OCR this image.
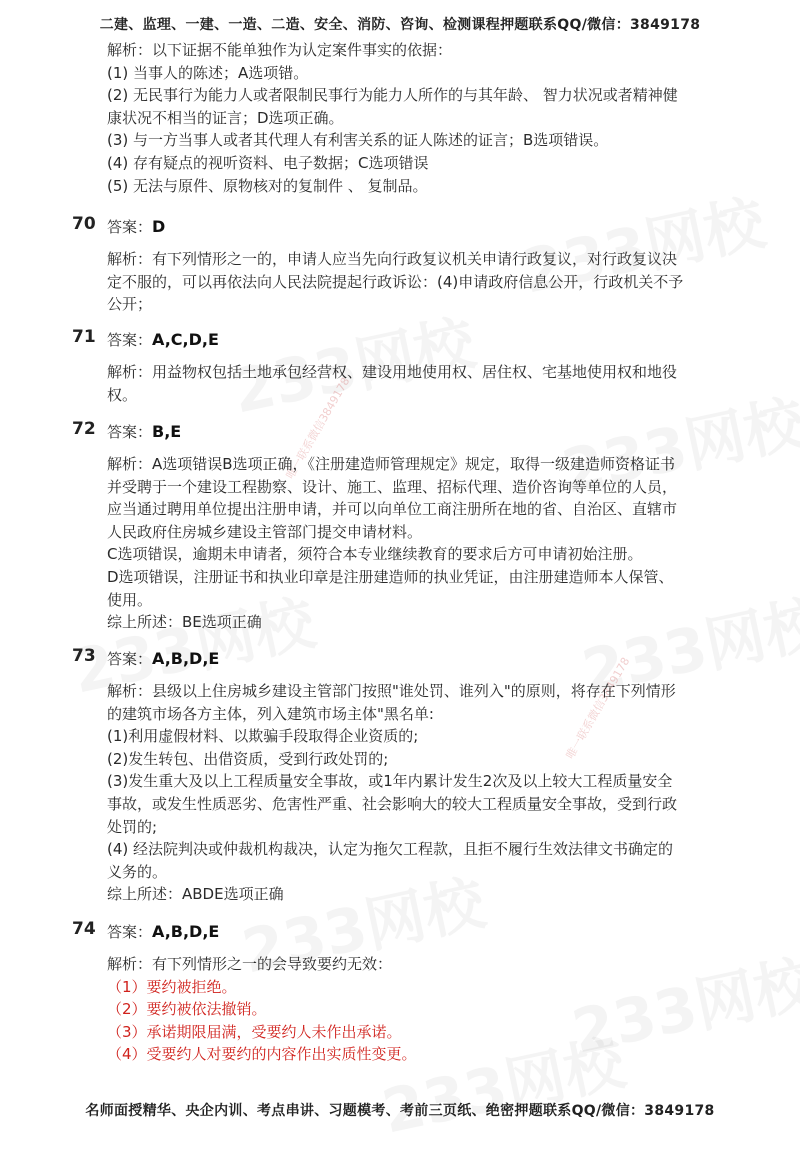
唯一联系微信3849178
唯一联系微信3849178
二建、监理、一建、一造、二造、安全、消防、咨询、检测课程押题联系QQ/微信：3849178
解析：以下证据不能单独作为认定案件事实的依据：
(1) 当事人的陈述；A选项错。
(2) 无民事行为能力人或者限制民事行为能力人所作的与其年龄、 智力状况或者精神健
康状况不相当的证言；D选项正确。
(3) 与一方当事人或者其代理人有利害关系的证人陈述的证言；B选项错误。
(4) 存有疑点的视听资料、电子数据；C选项错误
(5) 无法与原件、原物核对的复制件 、 复制品。
70 答案：D
解析：有下列情形之一的，申请人应当先向行政复议机关申请行政复议，对行政复议决
定不服的，可以再依法向人民法院提起行政诉讼：(4)申请政府信息公开，行政机关不予
公开；
71 答案：A,C,D,E
解析：用益物权包括土地承包经营权、建设用地使用权、居住权、宅基地使用权和地役
权。
72 答案：B,E
解析：A选项错误B选项正确，《注册建造师管理规定》规定，取得一级建造师资格证书
并受聘于一个建设工程勘察、设计、施工、监理、招标代理、造价咨询等单位的人员，
应当通过聘用单位提出注册申请，并可以向单位工商注册所在地的省、自治区、直辖市
人民政府住房城乡建设主管部门提交申请材料。
C选项错误，逾期未申请者，须符合本专业继续教育的要求后方可申请初始注册。
D选项错误，注册证书和执业印章是注册建造师的执业凭证，由注册建造师本人保管、
使用。
综上所述：BE选项正确
73 答案：A,B,D,E
解析：县级以上住房城乡建设主管部门按照"谁处罚、谁列入"的原则，将存在下列情形
的建筑市场各方主体，列入建筑市场主体"黑名单:
(1)利用虚假材料、以欺骗手段取得企业资质的;
(2)发生转包、出借资质，受到行政处罚的;
(3)发生重大及以上工程质量安全事故，或1年内累计发生2次及以上较大工程质量安全
事故，或发生性质恶劣、危害性严重、社会影响大的较大工程质量安全事故，受到行政
处罚的;
(4) 经法院判决或仲裁机构裁决，认定为拖欠工程款，且拒不履行生效法律文书确定的
义务的。
综上所述：ABDE选项正确
74 答案：A,B,D,E
解析：有下列情形之一的会导致要约无效：
（1）要约被拒绝。
（2）要约被依法撤销。
（3）承诺期限届满，受要约人未作出承诺。
（4）受要约人对要约的内容作出实质性变更。
名师面授精华、央企内训、考点串讲、习题模考、考前三页纸、绝密押题联系QQ/微信：3849178
